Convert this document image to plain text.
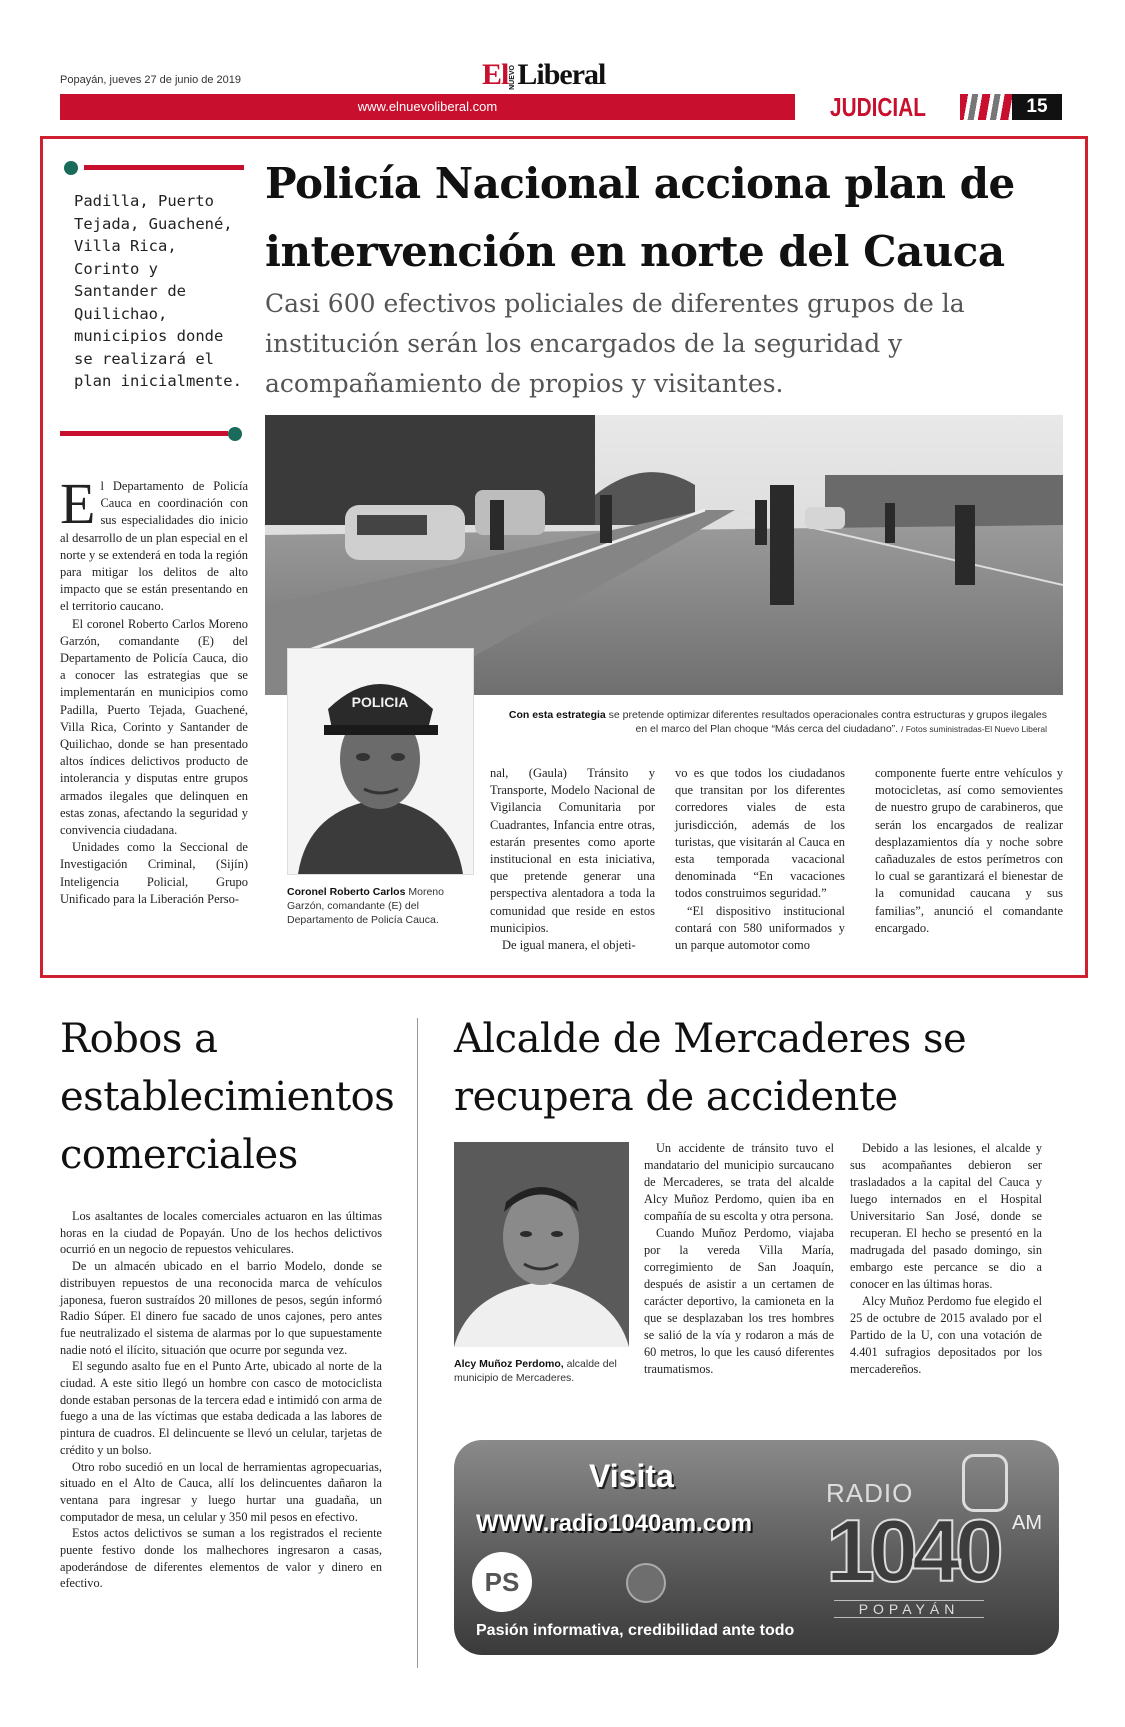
Popayán, jueves 27 de junio de 2019	ElNUEVOLiberal
www.elnuevoliberal.com	JUDICIAL	15
Padilla, Puerto Tejada, Guachené, Villa Rica, Corinto y Santander de Quilichao, municipios donde se realizará el plan inicialmente.
Policía Nacional acciona plan de intervención en norte del Cauca
Casi 600 efectivos policiales de diferentes grupos de la institución serán los encargados de la seguridad y acompañamiento de propios y visitantes.
POLICIA
Con esta estrategia se pretende optimizar diferentes resultados operacionales contra estructuras y grupos ilegales en el marco del Plan choque “Más cerca del ciudadano”. / Fotos suministradas-El Nuevo Liberal

El Departamento de Policía Cauca en coordinación con sus especialidades dio inicio al desarrollo de un plan especial en el norte y se extenderá en toda la región para mitigar los delitos de alto impacto que se están presentando en el territorio caucano.

El coronel Roberto Carlos Moreno Garzón, comandante (E) del Departamento de Policía Cauca, dio a conocer las estrategias que se implementarán en municipios como Padilla, Puerto Tejada, Guachené, Villa Rica, Corinto y Santander de Quilichao, donde se han presentado altos índices delictivos producto de intolerancia y disputas entre grupos armados ilegales que delinquen en estas zonas, afectando la seguridad y convivencia ciudadana.

Unidades como la Seccional de Investigación Criminal, (Sijín) Inteligencia Policial, Grupo Unificado para la Liberación Perso-	Coronel Roberto Carlos Moreno Garzón, comandante (E) del Departamento de Policía Cauca.

nal, (Gaula) Tránsito y Transporte, Modelo Nacional de Vigilancia Comunitaria por Cuadrantes, Infancia entre otras, estarán presentes como aporte institucional en esta iniciativa, que pretende generar una perspectiva alentadora a toda la comunidad que reside en estos municipios.

De igual manera, el objeti-

vo es que todos los ciudadanos que transitan por los diferentes corredores viales de esta jurisdicción, además de los turistas, que visitarán al Cauca en esta temporada vacacional denominada “En vacaciones todos construimos seguridad.”

“El dispositivo institucional contará con 580 uniformados y un parque automotor como

componente fuerte entre vehículos y motocicletas, así como semovientes de nuestro grupo de carabineros, que serán los encargados de realizar desplazamientos día y noche sobre cañaduzales de estos perímetros con lo cual se garantizará el bienestar de la comunidad caucana y sus familias”, anunció el comandante encargado.

Robos a establecimientos comerciales

Los asaltantes de locales comerciales actuaron en las últimas horas en la ciudad de Popayán. Uno de los hechos delictivos ocurrió en un negocio de repuestos vehiculares.

De un almacén ubicado en el barrio Modelo, donde se distribuyen repuestos de una reconocida marca de vehículos japonesa, fueron sustraídos 20 millones de pesos, según informó Radio Súper. El dinero fue sacado de unos cajones, pero antes fue neutralizado el sistema de alarmas por lo que supuestamente nadie notó el ilícito, situación que ocurre por segunda vez.

El segundo asalto fue en el Punto Arte, ubicado al norte de la ciudad. A este sitio llegó un hombre con casco de motociclista donde estaban personas de la tercera edad e intimidó con arma de fuego a una de las víctimas que estaba dedicada a las labores de pintura de cuadros. El delincuente se llevó un celular, tarjetas de crédito y un bolso.

Otro robo sucedió en un local de herramientas agropecuarias, situado en el Alto de Cauca, allí los delincuentes dañaron la ventana para ingresar y luego hurtar una guadaña, un computador de mesa, un celular y 350 mil pesos en efectivo.

Estos actos delictivos se suman a los registrados el reciente puente festivo donde los malhechores ingresaron a casas, apoderándose de diferentes elementos de valor y dinero en efectivo.

Alcalde de Mercaderes se recupera de accidente
Alcy Muñoz Perdomo, alcalde del municipio de Mercaderes.

Un accidente de tránsito tuvo el mandatario del municipio surcaucano de Mercaderes, se trata del alcalde Alcy Muñoz Perdomo, quien iba en compañía de su escolta y otra persona.

Cuando Muñoz Perdomo, viajaba por la vereda Villa María, corregimiento de San Joaquín, después de asistir a un certamen de carácter deportivo, la camioneta en la que se desplazaban los tres hombres se salió de la vía y rodaron a más de 60 metros, lo que les causó diferentes traumatismos.

Debido a las lesiones, el alcalde y sus acompañantes debieron ser trasladados a la capital del Cauca y luego internados en el Hospital Universitario San José, donde se recuperan. El hecho se presentó en la madrugada del pasado domingo, sin embargo este percance se dio a conocer en las últimas horas.

Alcy Muñoz Perdomo fue elegido el 25 de octubre de 2015 avalado por el Partido de la U, con una votación de 4.401 sufragios depositados por los mercadereños.

Visita
WWW.radio1040am.com
RADIO
1040 AM
POPAYÁN
PS
Pasión informativa, credibilidad ante todo
